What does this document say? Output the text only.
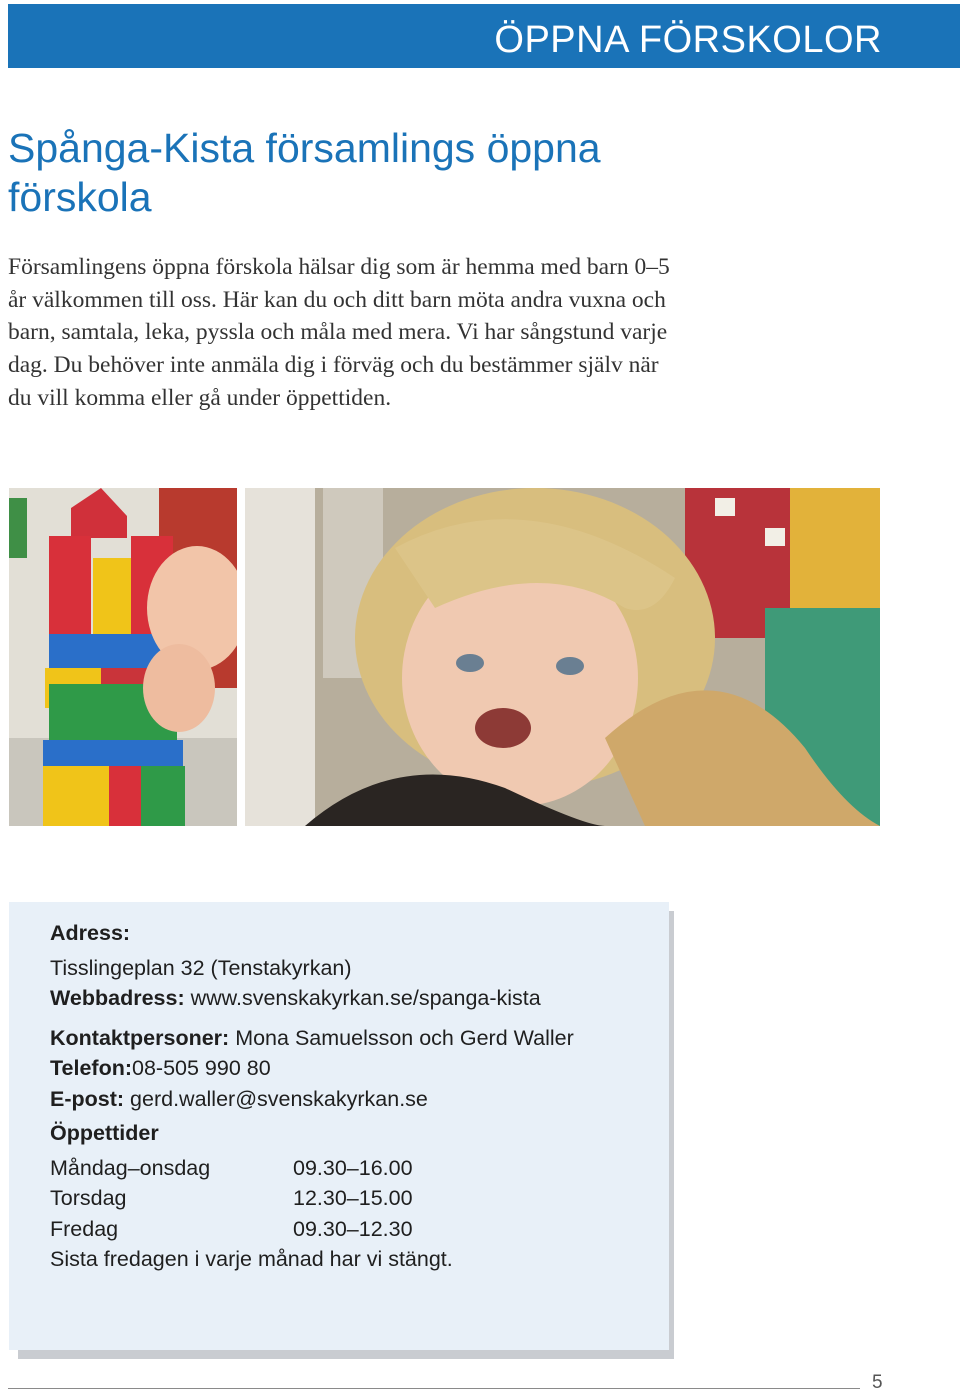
ÖPPNA FÖRSKOLOR
Spånga-Kista församlings öppna förskola

Församlingens öppna förskola hälsar dig som är hemma med barn 0–5 år välkommen till oss. Här kan du och ditt barn möta andra vuxna och barn, samtala, leka, pyssla och måla med mera. Vi har sångstund varje dag. Du behöver inte anmäla dig i förväg och du bestämmer själv när du vill komma eller gå under öppettiden.

Adress:
Tisslingeplan 32 (Tenstakyrkan)
Webbadress: www.svenskakyrkan.se/spanga-kista
Kontaktpersoner: Mona Samuelsson och Gerd Waller
Telefon:08-505 990 80
E-post: gerd.waller@svenskakyrkan.se
Öppettider
Måndag–onsdag	09.30–16.00
Torsdag	12.30–15.00
Fredag	09.30–12.30
Sista fredagen i varje månad har vi stängt.
5
